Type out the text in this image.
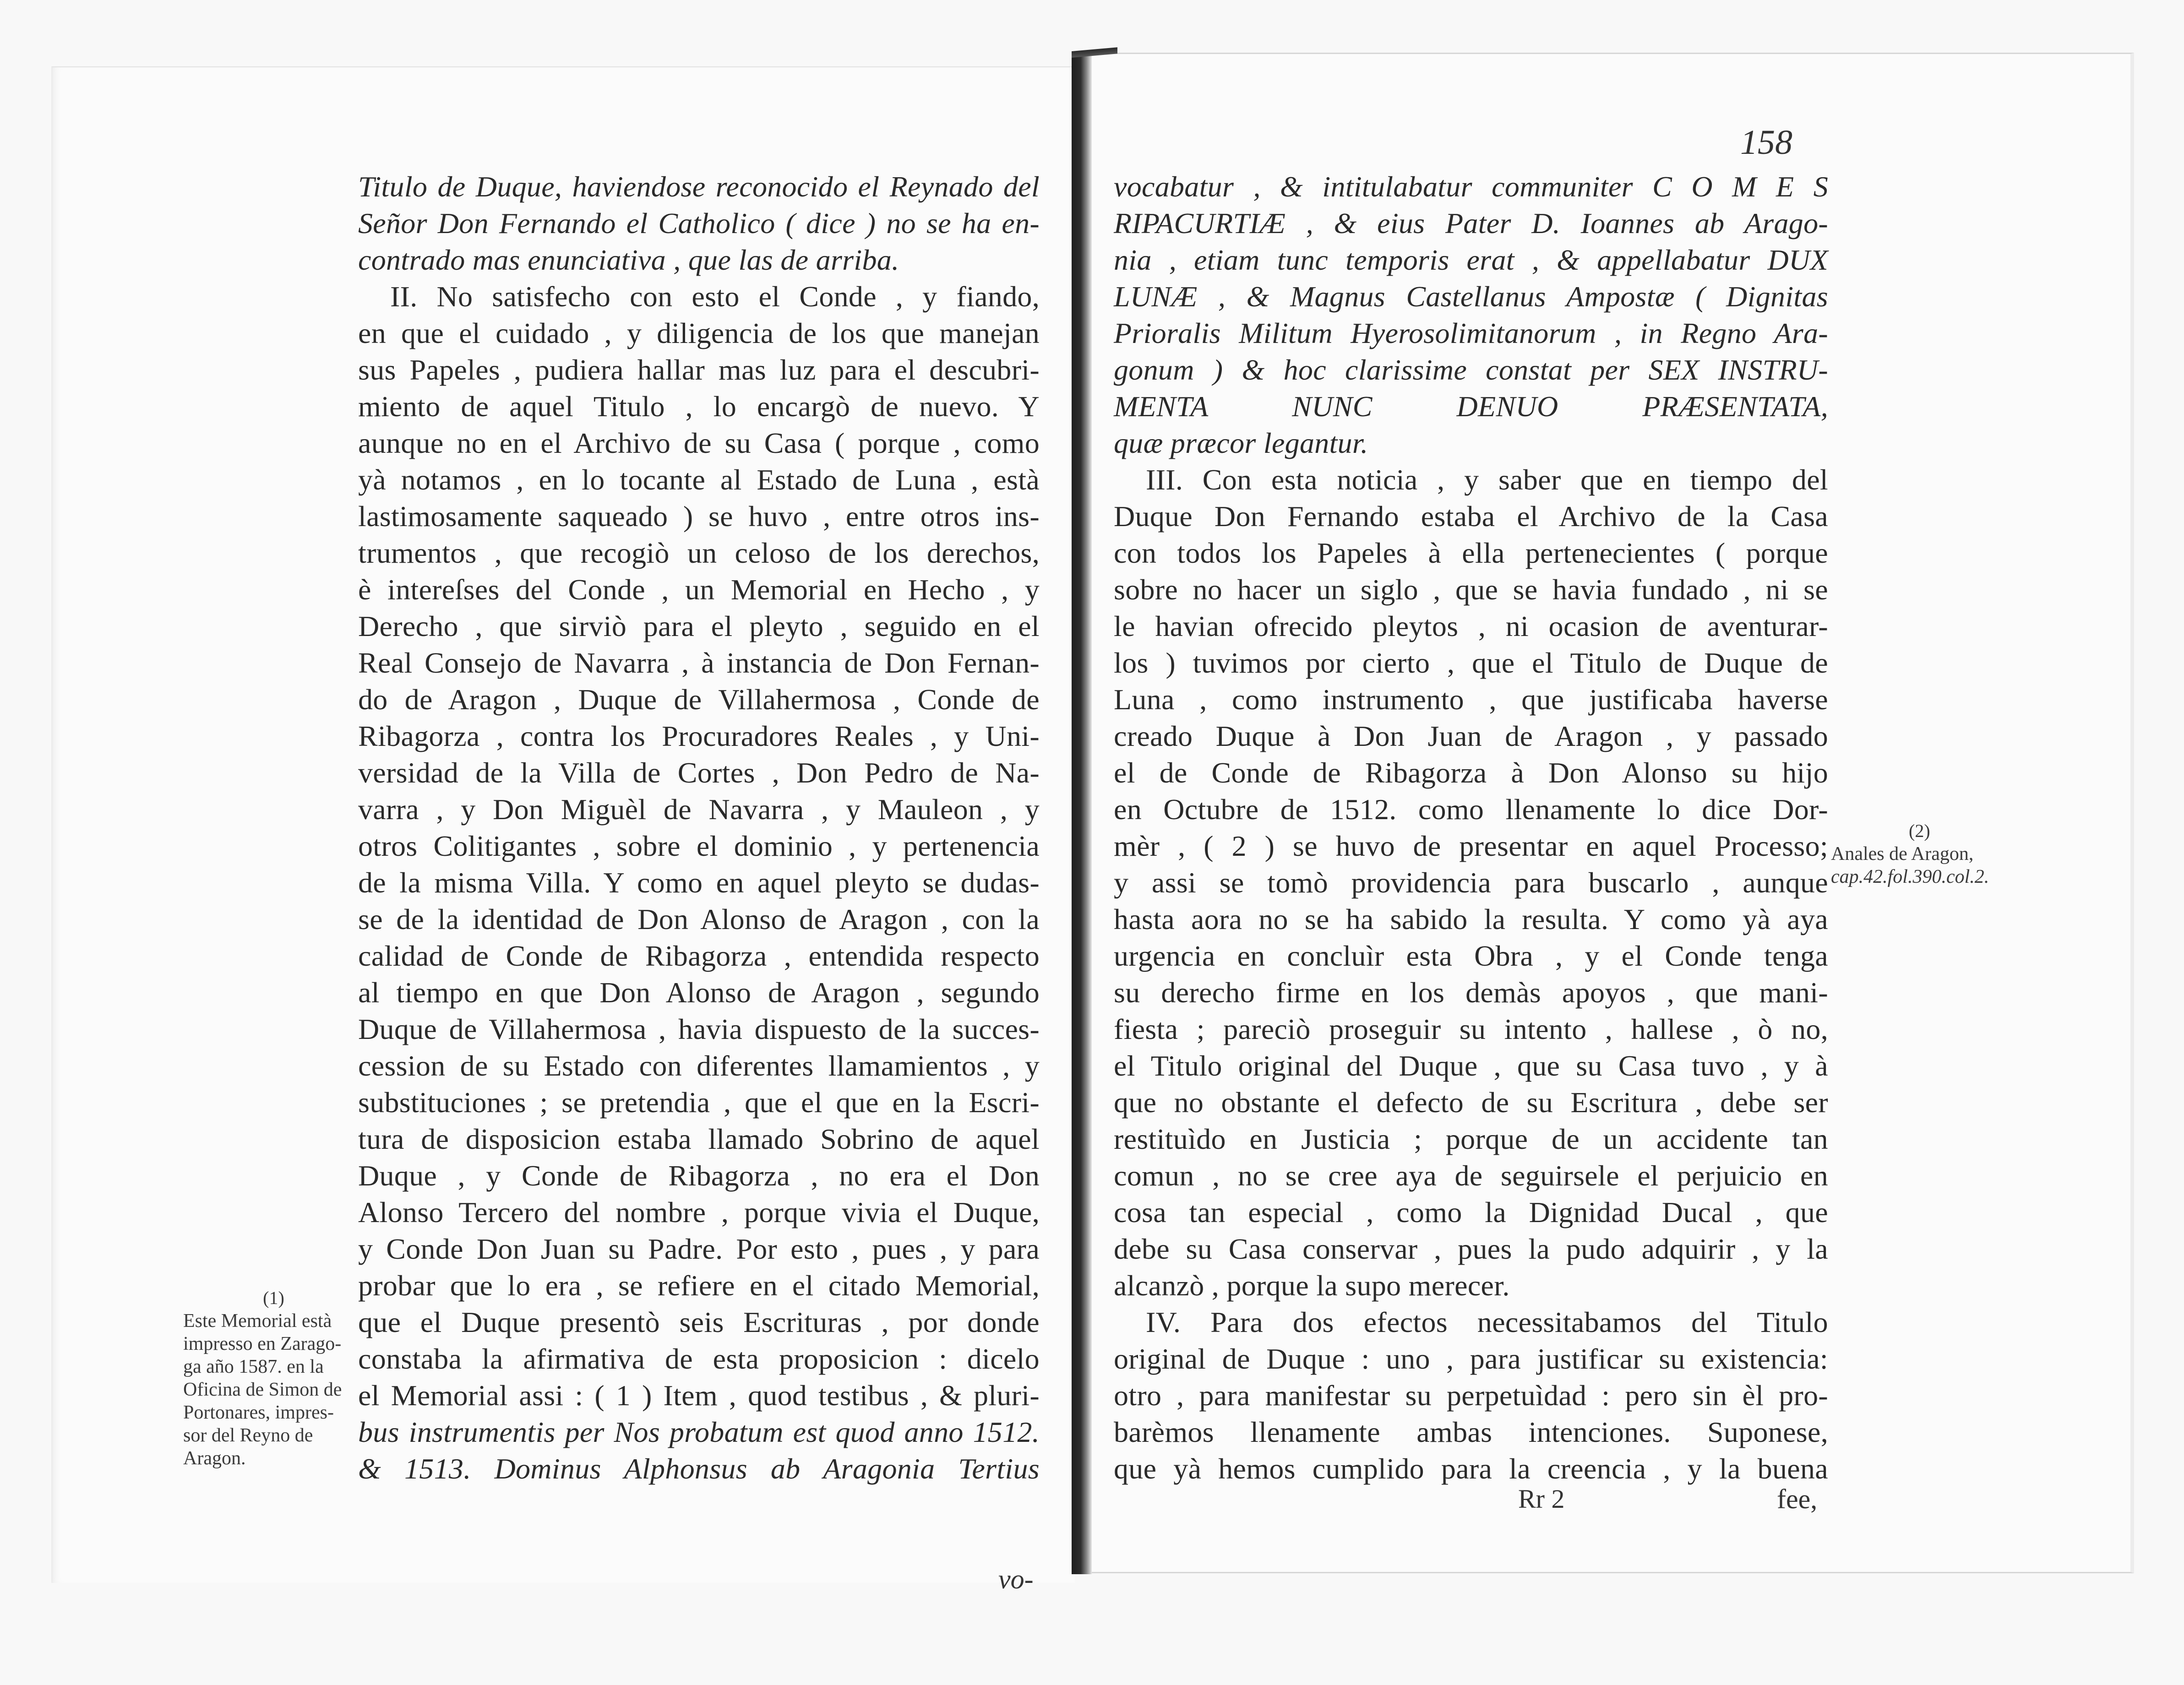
Titulo de Duque, haviendose reconocido el Reynado del
Señor Don Fernando el Catholico ( dice ) no se ha en-
contrado mas enunciativa , que las de arriba.
II. No satisfecho con esto el Conde , y fiando,
en que el cuidado , y diligencia de los que manejan
sus Papeles , pudiera hallar mas luz para el descubri-
miento de aquel Titulo , lo encargò de nuevo. Y
aunque no en el Archivo de su Casa ( porque , como
yà notamos , en lo tocante al Estado de Luna , està
lastimosamente saqueado ) se huvo , entre otros ins-
trumentos , que recogiò un celoso de los derechos,
è intereſses del Conde , un Memorial en Hecho , y
Derecho , que sirviò para el pleyto , seguido en el
Real Consejo de Navarra , à instancia de Don Fernan-
do de Aragon , Duque de Villahermosa , Conde de
Ribagorza , contra los Procuradores Reales , y Uni-
versidad de la Villa de Cortes , Don Pedro de Na-
varra , y Don Miguèl de Navarra , y Mauleon , y
otros Colitigantes , sobre el dominio , y pertenencia
de la misma Villa. Y como en aquel pleyto se dudas-
se de la identidad de Don Alonso de Aragon , con la
calidad de Conde de Ribagorza , entendida respecto
al tiempo en que Don Alonso de Aragon , segundo
Duque de Villahermosa , havia dispuesto de la succes-
cession de su Estado con diferentes llamamientos , y
substituciones ; se pretendia , que el que en la Escri-
tura de disposicion estaba llamado Sobrino de aquel
Duque , y Conde de Ribagorza , no era el Don
Alonso Tercero del nombre , porque vivia el Duque,
y Conde Don Juan su Padre. Por esto , pues , y para
probar que lo era , se refiere en el citado Memorial,
que el Duque presentò seis Escrituras , por donde
constaba la afirmativa de esta proposicion : dicelo
el Memorial assi : ( 1 ) Item , quod testibus , & pluri-
bus instrumentis per Nos probatum est quod anno 1512.
& 1513. Dominus Alphonsus ab Aragonia Tertius
vo-
(1)
Este Memorial està
impresso en Zarago-
ga año 1587. en la
Oficina de Simon de
Portonares, impres-
sor del Reyno de
Aragon.
158
vocabatur , & intitulabatur communiter C O M E S
RIPACURTIÆ , & eius Pater D. Ioannes ab Arago-
nia , etiam tunc temporis erat , & appellabatur DUX
LUNÆ , & Magnus Castellanus Ampostæ ( Dignitas
Prioralis Militum Hyerosolimitanorum , in Regno Ara-
gonum ) & hoc clarissime constat per SEX INSTRU-
MENTA NUNC DENUO PRÆSENTATA,
quæ præcor legantur.
III. Con esta noticia , y saber que en tiempo del
Duque Don Fernando estaba el Archivo de la Casa
con todos los Papeles à ella pertenecientes ( porque
sobre no hacer un siglo , que se havia fundado , ni se
le havian ofrecido pleytos , ni ocasion de aventurar-
los ) tuvimos por cierto , que el Titulo de Duque de
Luna , como instrumento , que justificaba haverse
creado Duque à Don Juan de Aragon , y passado
el de Conde de Ribagorza à Don Alonso su hijo
en Octubre de 1512. como llenamente lo dice Dor-
mèr , ( 2 ) se huvo de presentar en aquel Processo;
y assi se tomò providencia para buscarlo , aunque
hasta aora no se ha sabido la resulta. Y como yà aya
urgencia en concluìr esta Obra , y el Conde tenga
su derecho firme en los demàs apoyos , que mani-
fiesta ; pareciò proseguir su intento , hallese , ò no,
el Titulo original del Duque , que su Casa tuvo , y à
que no obstante el defecto de su Escritura , debe ser
restituìdo en Justicia ; porque de un accidente tan
comun , no se cree aya de seguirsele el perjuicio en
cosa tan especial , como la Dignidad Ducal , que
debe su Casa conservar , pues la pudo adquirir , y la
alcanzò , porque la supo merecer.
IV. Para dos efectos necessitabamos del Titulo
original de Duque : uno , para justificar su existencia:
otro , para manifestar su perpetuìdad : pero sin èl pro-
barèmos llenamente ambas intenciones. Suponese,
que yà hemos cumplido para la creencia , y la buena
Rr 2	fee,
(2)
Anales de Aragon,
cap.42.fol.390.col.2.
